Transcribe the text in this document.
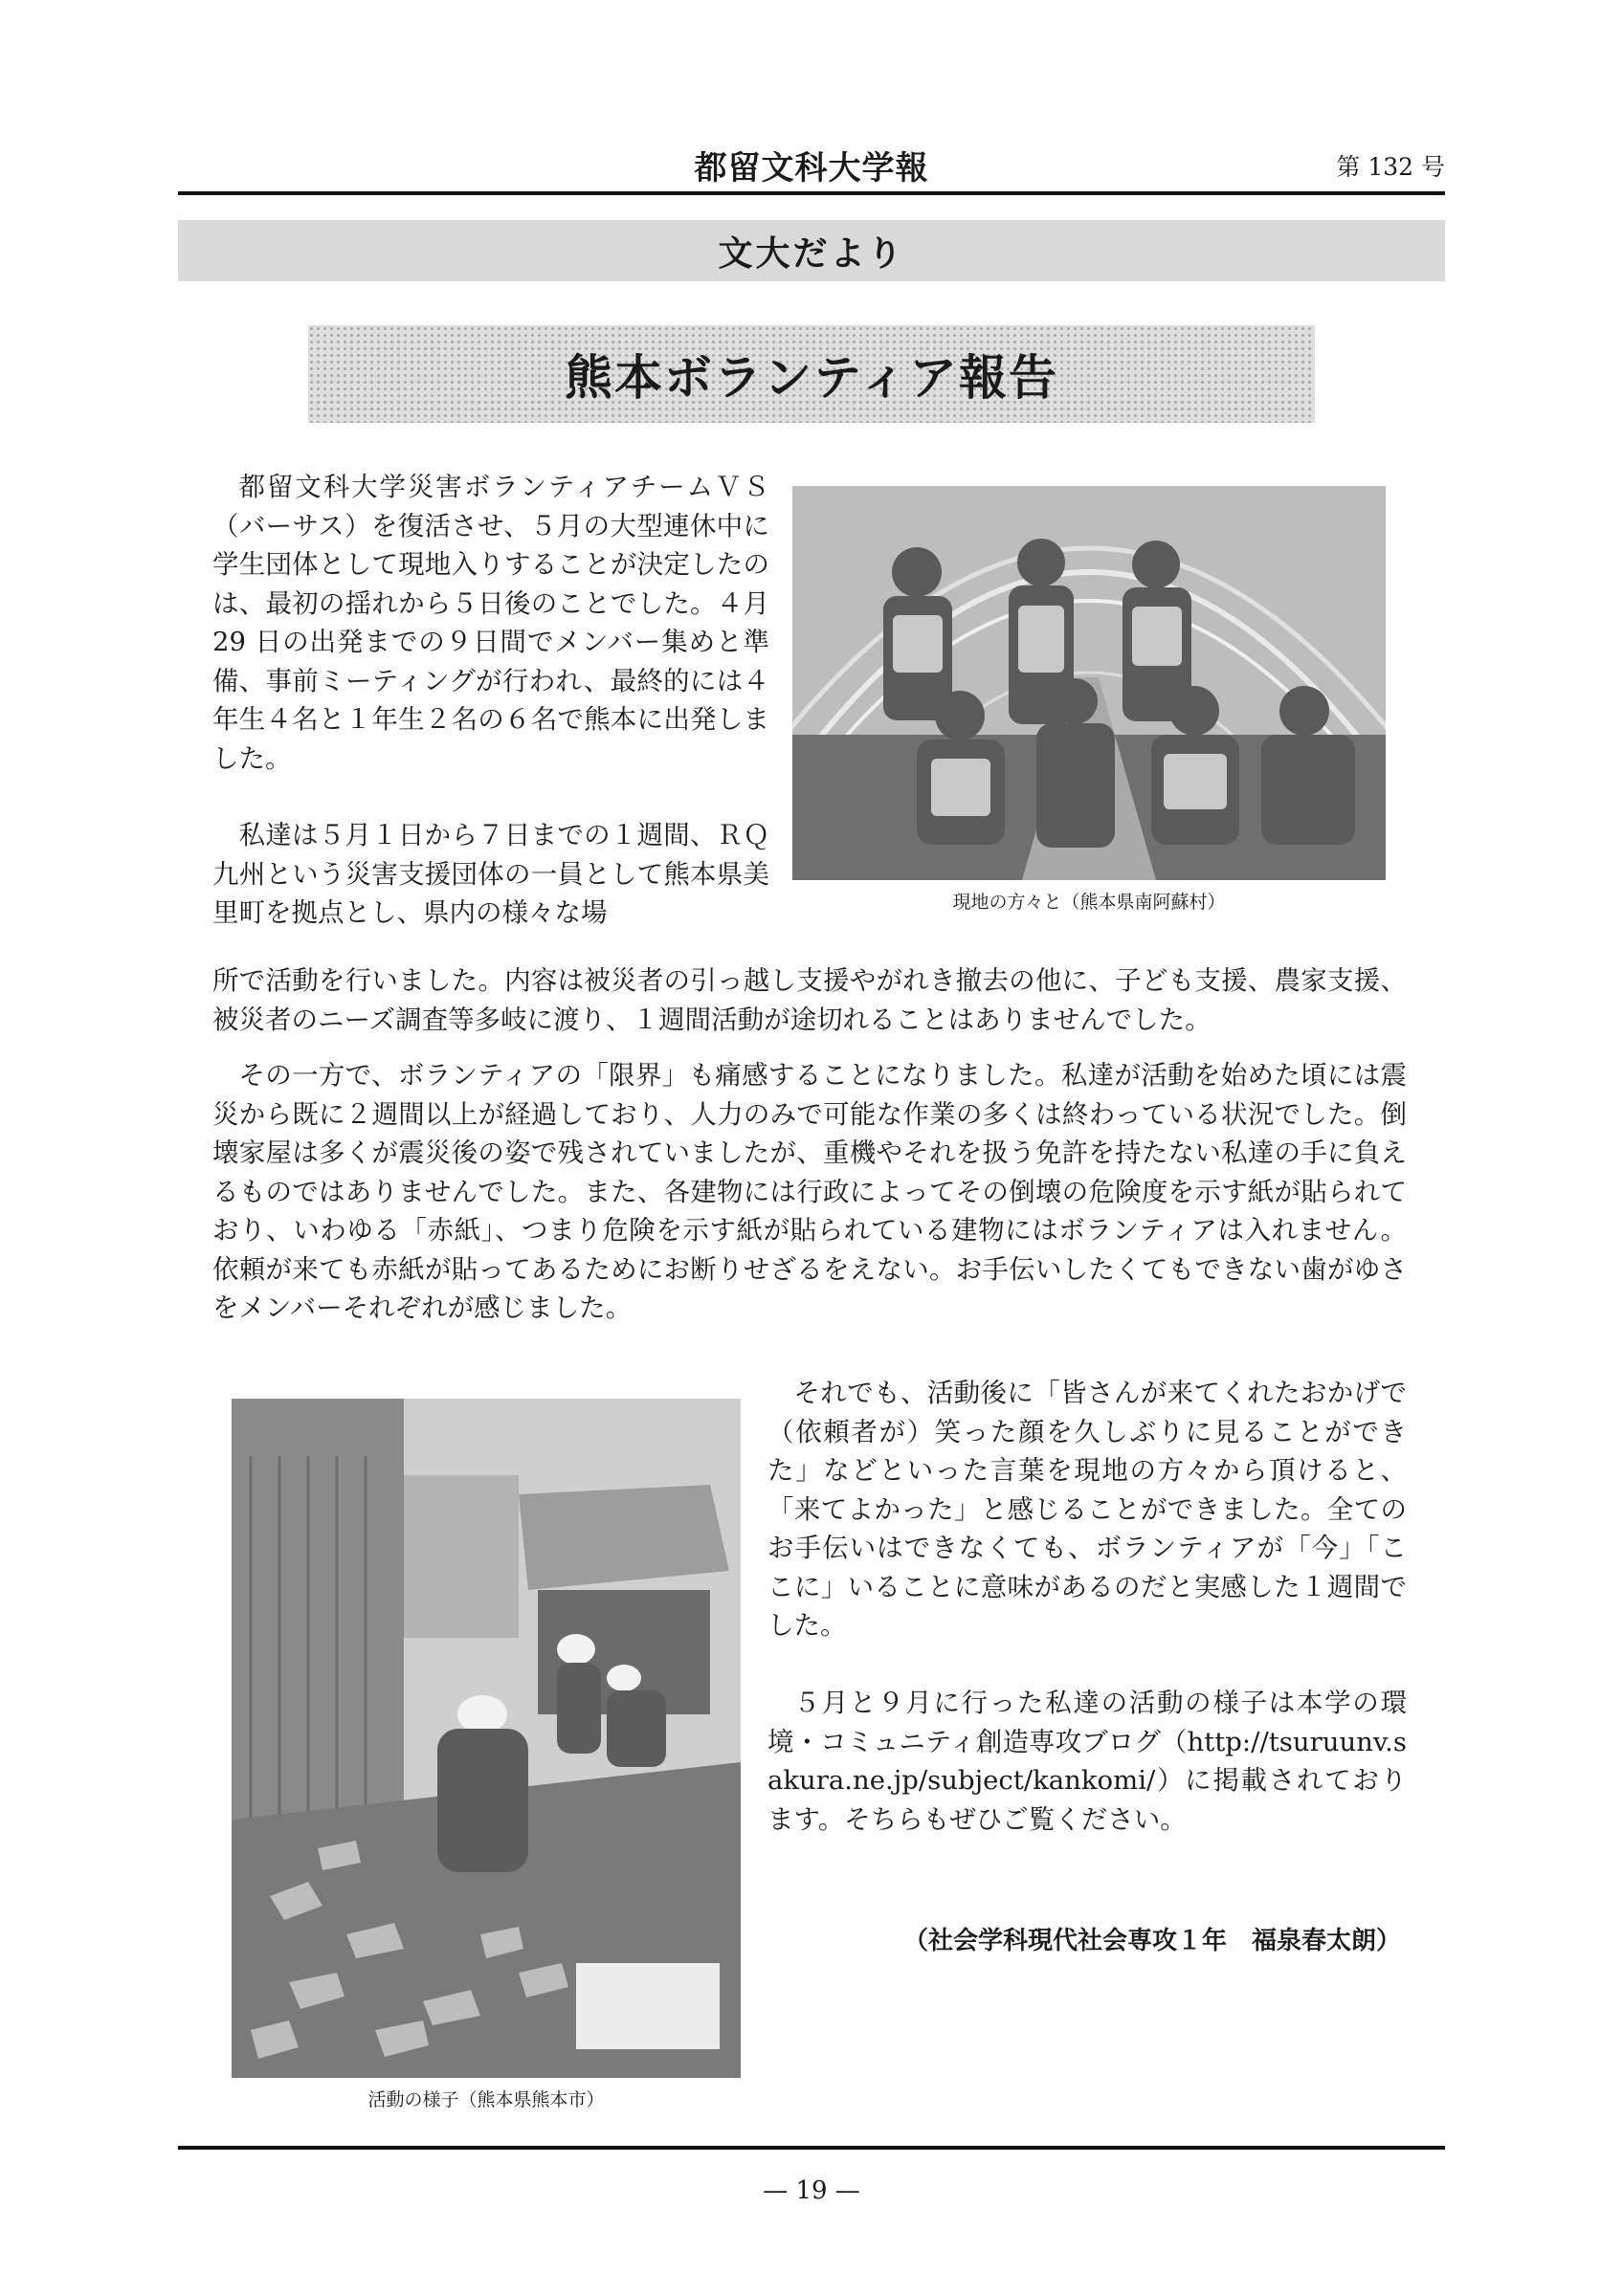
都留文科大学報	第 132 号
文大だより
熊本ボランティア報告

都留文科大学災害ボランティアチームＶＳ（バーサス）を復活させ、５月の大型連休中に学生団体として現地入りすることが決定したのは、最初の揺れから５日後のことでした。４月 29 日の出発までの９日間でメンバー集めと準備、事前ミーティングが行われ、最終的には４年生４名と１年生２名の６名で熊本に出発しました。

私達は５月１日から７日までの１週間、ＲＱ九州という災害支援団体の一員として熊本県美里町を拠点とし、県内の様々な場	現地の方々と（熊本県南阿蘇村）

所で活動を行いました。内容は被災者の引っ越し支援やがれき撤去の他に、子ども支援、農家支援、被災者のニーズ調査等多岐に渡り、１週間活動が途切れることはありませんでした。

その一方で、ボランティアの「限界」も痛感することになりました。私達が活動を始めた頃には震災から既に２週間以上が経過しており、人力のみで可能な作業の多くは終わっている状況でした。倒壊家屋は多くが震災後の姿で残されていましたが、重機やそれを扱う免許を持たない私達の手に負えるものではありませんでした。また、各建物には行政によってその倒壊の危険度を示す紙が貼られており、いわゆる「赤紙」、つまり危険を示す紙が貼られている建物にはボランティアは入れません。依頼が来ても赤紙が貼ってあるためにお断りせざるをえない。お手伝いしたくてもできない歯がゆさをメンバーそれぞれが感じました。

活動の様子（熊本県熊本市）

それでも、活動後に「皆さんが来てくれたおかげで（依頼者が）笑った顔を久しぶりに見ることができた」などといった言葉を現地の方々から頂けると、「来てよかった」と感じることができました。全てのお手伝いはできなくても、ボランティアが「今」「ここに」いることに意味があるのだと実感した１週間でした。

５月と９月に行った私達の活動の様子は本学の環境・コミュニティ創造専攻ブログ（http://tsuruunv.sakura.ne.jp/subject/kankomi/）に掲載されております。そちらもぜひご覧ください。

（社会学科現代社会専攻１年　福泉春太朗）
— 19 —
